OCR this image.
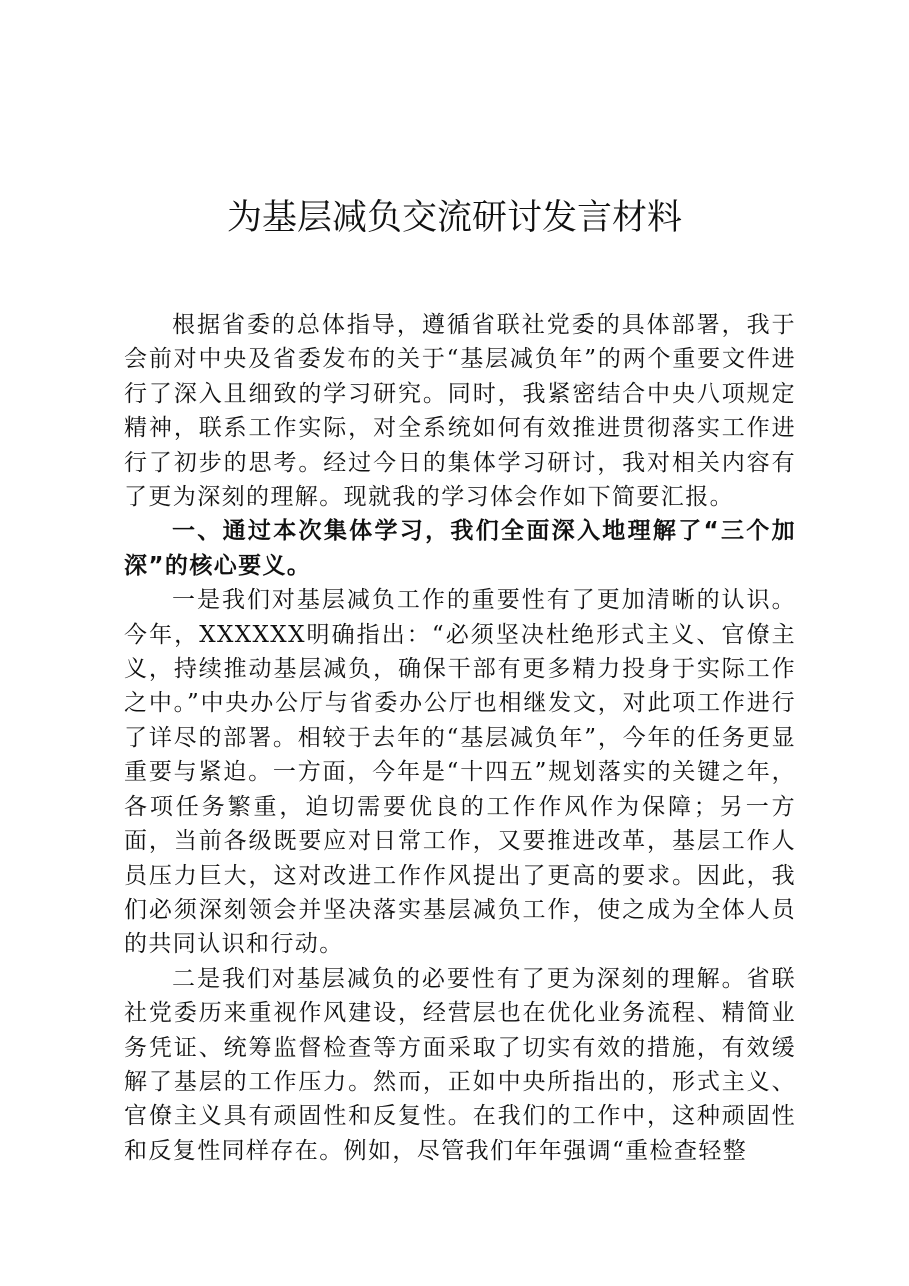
为基层减负交流研讨发言材料

根据省委的总体指导，遵循省联社党委的具体部署，我于会前对中央及省委发布的关于“基层减负年”的两个重要文件进行了深入且细致的学习研究。同时，我紧密结合中央八项规定精神，联系工作实际，对全系统如何有效推进贯彻落实工作进行了初步的思考。经过今日的集体学习研讨，我对相关内容有了更为深刻的理解。现就我的学习体会作如下简要汇报。

一、通过本次集体学习，我们全面深入地理解了“三个加深”的核心要义。

一是我们对基层减负工作的重要性有了更加清晰的认识。今年，XXXXXX明确指出：“必须坚决杜绝形式主义、官僚主义，持续推动基层减负，确保干部有更多精力投身于实际工作之中。”中央办公厅与省委办公厅也相继发文，对此项工作进行了详尽的部署。相较于去年的“基层减负年”，今年的任务更显重要与紧迫。一方面，今年是“十四五”规划落实的关键之年，各项任务繁重，迫切需要优良的工作作风作为保障；另一方面，当前各级既要应对日常工作，又要推进改革，基层工作人员压力巨大，这对改进工作作风提出了更高的要求。因此，我们必须深刻领会并坚决落实基层减负工作，使之成为全体人员的共同认识和行动。

二是我们对基层减负的必要性有了更为深刻的理解。省联社党委历来重视作风建设，经营层也在优化业务流程、精简业务凭证、统筹监督检查等方面采取了切实有效的措施，有效缓解了基层的工作压力。然而，正如中央所指出的，形式主义、官僚主义具有顽固性和反复性。在我们的工作中，这种顽固性和反复性同样存在。例如，尽管我们年年强调“重检查轻整
